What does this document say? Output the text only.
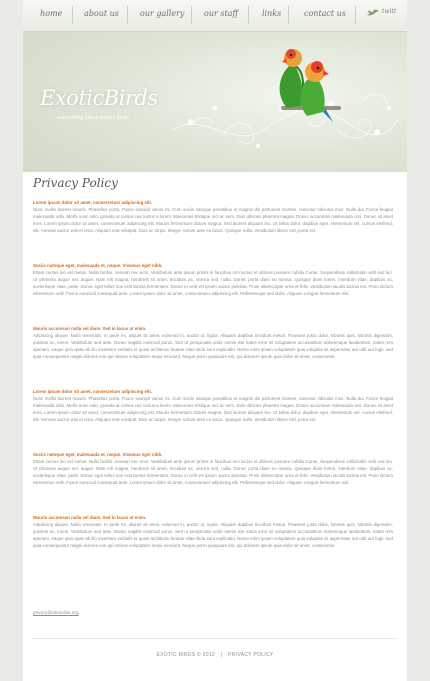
home	about us	our gallery our staff	links	contact us	twitt
ExoticBirds
everything about exotic birds
Privacy Policy
Lorem ipsum dolor sit amet, consectetuer adipiscing elit.
Nunc mollis laoreet mauris. Phasellus porta. Fusce suscipit varius mi. Cum sociis natoque penatibus et magnis dis parturient montes, nascetur ridiculus mus. Nulla dui. Fusce feugiat malesuada odio. Morbi nunc odio, gravida at cursus nec luctus a lorem. Maecenas tristique orci ac sem. Duis ultricies pharetra magna. Donec accumsan malesuada orci. Donec sit amet eros. Lorem ipsum dolor sit amet, consectetuer adipiscing elit. Mauris fermentum dictum magna. Sed laoreet aliquam leo. Ut tellus dolor, dapibus eget, elementum vel, cursus eleifend, elit. Aenean auctor wisi et urna. Aliquam erat volutpat. Duis ac turpis. Integer rutrum ante eu lacus. Quisque nulla. Vestibulum libero nisl, porta vel.
Sociis natoque eget, malesuada et, neque. Vivamus eget nibh.
Etiam cursus leo vel metus. Nulla facilisi. Aenean nec eros. Vestibulum ante ipsum primis in faucibus orci luctus et ultrices posuere cubilia Curae; Suspendisse sollicitudin velit sed leo. Ut pharetra augue nec augue. Nam elit magna, hendrerit sit amet, tincidunt ac, viverra sed, nulla. Donec porta diam eu massa. Quisque diam lorem, interdum vitae, dapibus ac, scelerisque vitae, pede. Donec eget tellus non erat lacinia fermentum. Donec in velit vel ipsum auctor pulvinar. Proin ullamcorper urna et felis. Vestibulum iaculis lacinia est. Proin dictum elementum velit. Fusce euismod consequat ante. Lorem ipsum dolor sit amet, consectetuer adipiscing elit. Pellentesque sed dolor. Aliquam congue fermentum nisl.
Mauris accumsan nulla vel diam. Sed in lacus ut enim.
Adipiscing aliquet. Nulla venenatis. In pede mi, aliquet sit amet, euismod in, auctor ut, ligula. Aliquam dapibus tincidunt metus. Praesent justo dolor, lobortis quis, lobortis dignissim, pulvinar ac, lorem. Vestibulum sed ante. Donec sagittis euismod purus. Sed ut perspiciatis unde omnis iste natus error sit voluptatem accusantium doloremque laudantium, totam rem aperiam, eaque ipsa quae ab illo inventore veritatis et quasi architecto beatae vitae dicta sunt explicabo. Nemo enim ipsam voluptatem quia voluptas sit aspernatur aut odit aut fugit, sed quia consequuntur magni dolores eos qui ratione voluptatem sequi nesciunt. Neque porro quisquam est, qui dolorem ipsum quia dolor sit amet, consectetur.
Lorem ipsum dolor sit amet, consectetuer adipiscing elit.
Nunc mollis laoreet mauris. Phasellus porta. Fusce suscipit varius mi. Cum sociis natoque penatibus et magnis dis parturient montes, nascetur ridiculus mus. Nulla dui. Fusce feugiat malesuada odio. Morbi nunc odio, gravida at cursus nec luctus a lorem. Maecenas tristique orci ac sem. Duis ultricies pharetra magna. Donec accumsan malesuada orci. Donec sit amet eros. Lorem ipsum dolor sit amet, consectetuer adipiscing elit. Mauris fermentum dictum magna. Sed laoreet aliquam leo. Ut tellus dolor, dapibus eget, elementum vel, cursus eleifend, elit. Aenean auctor wisi et urna. Aliquam erat volutpat. Duis ac turpis. Integer rutrum ante eu lacus. Quisque nulla. Vestibulum libero nisl, porta vel.
Sociis natoque eget, malesuada et, neque. Vivamus eget nibh.
Etiam cursus leo vel metus. Nulla facilisi. Aenean nec eros. Vestibulum ante ipsum primis in faucibus orci luctus et ultrices posuere cubilia Curae; Suspendisse sollicitudin velit sed leo. Ut pharetra augue nec augue. Nam elit magna, hendrerit sit amet, tincidunt ac, viverra sed, nulla. Donec porta diam eu massa. Quisque diam lorem, interdum vitae, dapibus ac, scelerisque vitae, pede. Donec eget tellus non erat lacinia fermentum. Donec in velit vel ipsum auctor pulvinar. Proin ullamcorper urna et felis. Vestibulum iaculis lacinia est. Proin dictum elementum velit. Fusce euismod consequat ante. Lorem ipsum dolor sit amet, consectetuer adipiscing elit. Pellentesque sed dolor. Aliquam congue fermentum nisl.
Mauris accumsan nulla vel diam. Sed in lacus ut enim.
Adipiscing aliquet. Nulla venenatis. In pede mi, aliquet sit amet, euismod in, auctor ut, ligula. Aliquam dapibus tincidunt metus. Praesent justo dolor, lobortis quis, lobortis dignissim, pulvinar ac, lorem. Vestibulum sed ante. Donec sagittis euismod purus. Sed ut perspiciatis unde omnis iste natus error sit voluptatem accusantium doloremque laudantium, totam rem aperiam, eaque ipsa quae ab illo inventore veritatis et quasi architecto beatae vitae dicta sunt explicabo. Nemo enim ipsam voluptatem quia voluptas sit aspernatur aut odit aut fugit, sed quia consequuntur magni dolores eos qui ratione voluptatem sequi nesciunt. Neque porro quisquam est, qui dolorem ipsum quia dolor sit amet, consectetur.
privacy@demolink.org
EXOTIC BIRDS © 2012 | PRIVACY POLICY
